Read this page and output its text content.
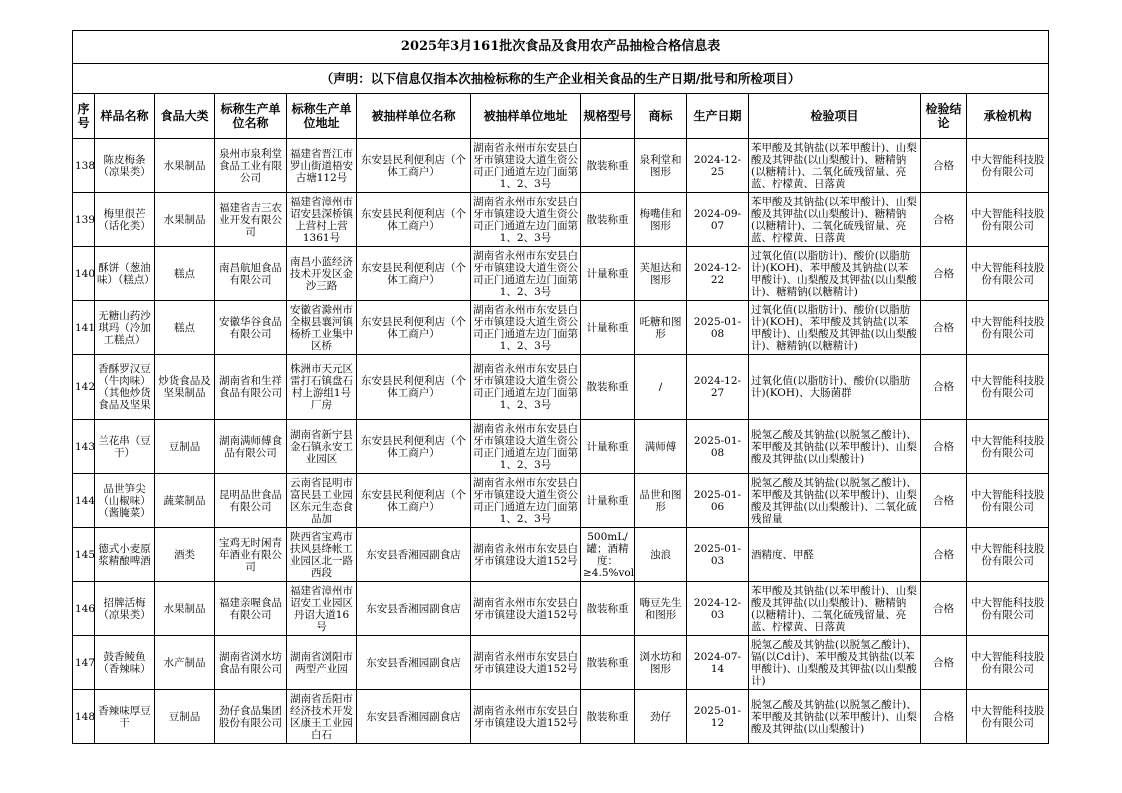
2025年3月161批次食品及食用农产品抽检合格信息表												
（声明：以下信息仅指本次抽检标称的生产企业相关食品的生产日期/批号和所检项目）												
序号	样品名称	食品大类	标称生产单位名称	标称生产单位地址	被抽样单位名称	被抽样单位地址	规格型号	商标	生产日期	检验项目	检验结论	承检机构

138	陈皮梅条（凉果类）	水果制品	泉州市泉利堂食品工业有限公司	福建省晋江市罗山街道梧安古塘112号	东安县民利便利店（个体工商户）	湖南省永州市东安县白牙市镇建设大道生资公司正门通道左边门面第1、2、3号	散装称重	泉利堂和图形	2024-12-25	苯甲酸及其钠盐(以苯甲酸计)、山梨酸及其钾盐(以山梨酸计)、糖精钠(以糖精计)、二氧化硫残留量、亮蓝、柠檬黄、日落黄	合格	中大智能科技股份有限公司

139	梅里很芒（话化类）	水果制品	福建省吉三农业开发有限公司	福建省漳州市诏安县深桥镇上营村上营1361号	东安县民利便利店（个体工商户）	湖南省永州市东安县白牙市镇建设大道生资公司正门通道左边门面第1、2、3号	散装称重	梅嘴佳和图形	2024-09-07	苯甲酸及其钠盐(以苯甲酸计)、山梨酸及其钾盐(以山梨酸计)、糖精钠(以糖精计)、二氧化硫残留量、亮蓝、柠檬黄、日落黄	合格	中大智能科技股份有限公司

140	酥饼（葱油味）（糕点）	糕点	南昌航旭食品有限公司	南昌小蓝经济技术开发区金沙三路	东安县民利便利店（个体工商户）	湖南省永州市东安县白牙市镇建设大道生资公司正门通道左边门面第1、2、3号	计量称重	芙旭达和图形	2024-12-22	过氧化值(以脂肪计)、酸价(以脂肪计)(KOH)、苯甲酸及其钠盐(以苯甲酸计)、山梨酸及其钾盐(以山梨酸计)、糖精钠(以糖精计)	合格	中大智能科技股份有限公司

141	无糖山药沙琪玛（冷加工糕点）	糕点	安徽华谷食品有限公司	安徽省滁州市全椒县襄河镇杨桥工业集中区桥	东安县民利便利店（个体工商户）	湖南省永州市东安县白牙市镇建设大道生资公司正门通道左边门面第1、2、3号	计量称重	吒糖和图形	2025-01-08	过氧化值(以脂肪计)、酸价(以脂肪计)(KOH)、苯甲酸及其钠盐(以苯甲酸计)、山梨酸及其钾盐(以山梨酸计)、糖精钠(以糖精计)	合格	中大智能科技股份有限公司

142	香酥罗汉豆（牛肉味）（其他炒货食品及坚果	炒货食品及坚果制品	湖南省和生祥食品有限公司	株洲市天元区雷打石镇盘石村上游组1号厂房	东安县民利便利店（个体工商户）	湖南省永州市东安县白牙市镇建设大道生资公司正门通道左边门面第1、2、3号	散装称重	/	2024-12-27	过氧化值(以脂肪计)、酸价(以脂肪计)(KOH)、大肠菌群	合格	中大智能科技股份有限公司

143	兰花串（豆干）	豆制品	湖南满师傅食品有限公司	湖南省新宁县金石镇永安工业园区	东安县民利便利店（个体工商户）	湖南省永州市东安县白牙市镇建设大道生资公司正门通道左边门面第1、2、3号	计量称重	满师傅	2025-01-08	脱氢乙酸及其钠盐(以脱氢乙酸计)、苯甲酸及其钠盐(以苯甲酸计)、山梨酸及其钾盐(以山梨酸计)	合格	中大智能科技股份有限公司

144	品世笋尖（山椒味）（酱腌菜）	蔬菜制品	昆明品世食品有限公司	云南省昆明市富民县工业园区东元生态食品加	东安县民利便利店（个体工商户）	湖南省永州市东安县白牙市镇建设大道生资公司正门通道左边门面第1、2、3号	计量称重	品世和图形	2025-01-06	脱氢乙酸及其钠盐(以脱氢乙酸计)、苯甲酸及其钠盐(以苯甲酸计)、山梨酸及其钾盐(以山梨酸计)、二氧化硫残留量	合格	中大智能科技股份有限公司

145	德式小麦原浆精酿啤酒	酒类	宝鸡无时闲青年酒业有限公司	陕西省宝鸡市扶风县绛帐工业园区北一路西段	东安县香湘园副食店	湖南省永州市东安县白牙市镇建设大道152号	500mL/罐；酒精度：≥4.5%vol	浊浪	2025-01-03	酒精度、甲醛	合格	中大智能科技股份有限公司

146	招牌活梅（凉果类）	水果制品	福建亲喔食品有限公司	福建省漳州市诏安工业园区丹诏大道16号	东安县香湘园副食店	湖南省永州市东安县白牙市镇建设大道152号	散装称重	嗨豆先生和图形	2024-12-03	苯甲酸及其钠盐(以苯甲酸计)、山梨酸及其钾盐(以山梨酸计)、糖精钠(以糖精计)、二氧化硫残留量、亮蓝、柠檬黄、日落黄	合格	中大智能科技股份有限公司

147	鼓香鲮鱼（香辣味）	水产制品	湖南省浏水坊食品有限公司	湖南省浏阳市两型产业园	东安县香湘园副食店	湖南省永州市东安县白牙市镇建设大道152号	散装称重	浏水坊和图形	2024-07-14	脱氢乙酸及其钠盐(以脱氢乙酸计)、镉(以Cd计)、苯甲酸及其钠盐(以苯甲酸计)、山梨酸及其钾盐(以山梨酸计)	合格	中大智能科技股份有限公司

148	香辣味厚豆干	豆制品	劲仔食品集团股份有限公司	湖南省岳阳市经济技术开发区康王工业园白石	东安县香湘园副食店	湖南省永州市东安县白牙市镇建设大道152号	散装称重	劲仔	2025-01-12	脱氢乙酸及其钠盐(以脱氢乙酸计)、苯甲酸及其钠盐(以苯甲酸计)、山梨酸及其钾盐(以山梨酸计)	合格	中大智能科技股份有限公司
